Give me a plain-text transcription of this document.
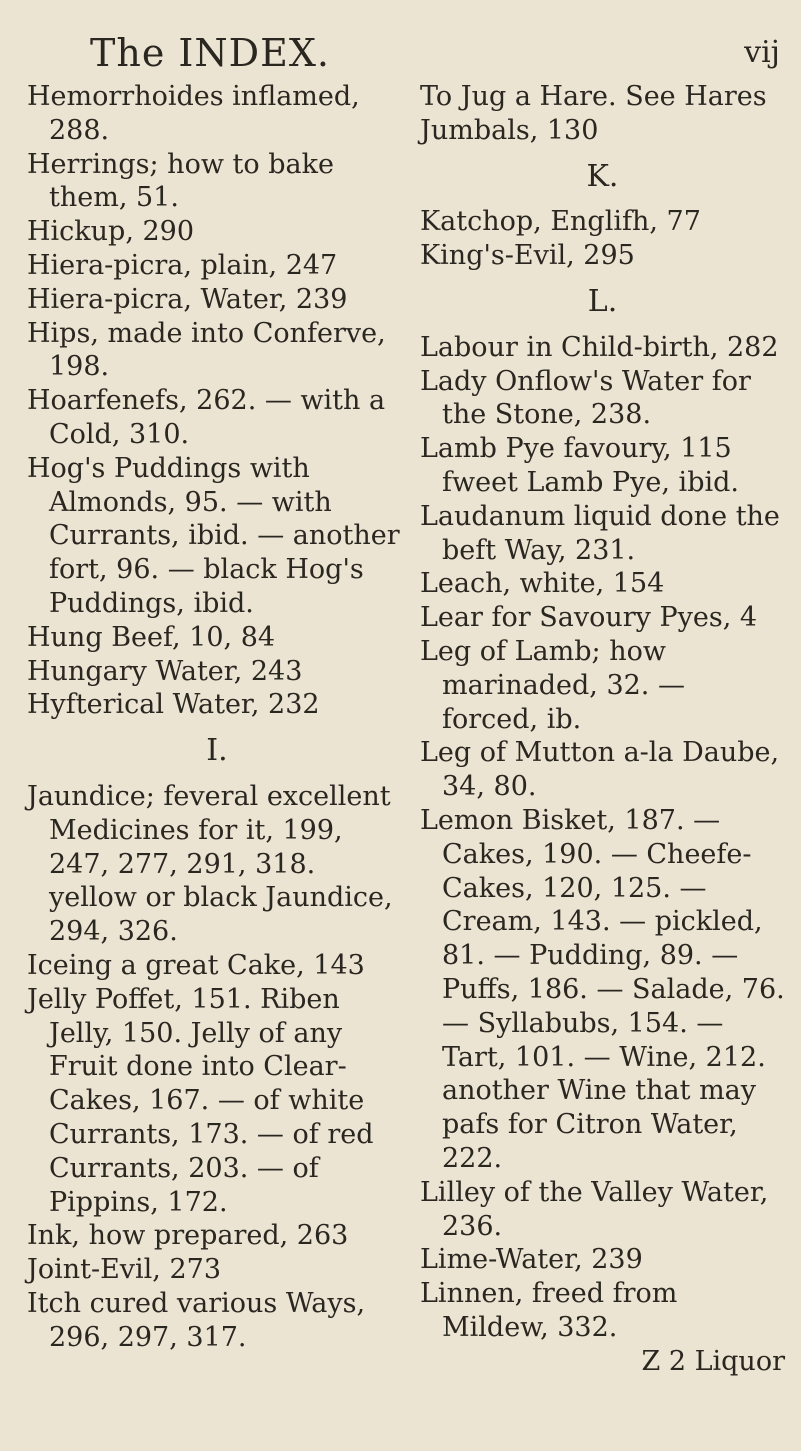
The INDEX.	vij

Hemorrhoides inflamed, 288.

Herrings; how to bake them, 51.

Hickup, 290

Hiera-picra, plain, 247

Hiera-picra, Water, 239

Hips, made into Conferve, 198.

Hoarfenefs, 262. — with a Cold, 310.

Hog's Puddings with Almonds, 95. — with Currants, ibid. — another fort, 96. — black Hog's Puddings, ibid.

Hung Beef, 10, 84

Hungary Water, 243

Hyfterical Water, 232

I.

Jaundice; feveral excellent Medicines for it, 199, 247, 277, 291, 318. yellow or black Jaundice, 294, 326.

Iceing a great Cake, 143

Jelly Poffet, 151. Riben Jelly, 150. Jelly of any Fruit done into Clear-Cakes, 167. — of white Currants, 173. — of red Currants, 203. — of Pippins, 172.

Ink, how prepared, 263

Joint-Evil, 273

Itch cured various Ways, 296, 297, 317.

To Jug a Hare. See Hares

Jumbals, 130

K.

Katchop, Englifh, 77

King's-Evil, 295

L.

Labour in Child-birth, 282

Lady Onflow's Water for the Stone, 238.

Lamb Pye favoury, 115 fweet Lamb Pye, ibid.

Laudanum liquid done the beft Way, 231.

Leach, white, 154

Lear for Savoury Pyes, 4

Leg of Lamb; how marinaded, 32. — forced, ib.

Leg of Mutton a-la Daube, 34, 80.

Lemon Bisket, 187. — Cakes, 190. — Cheefe-Cakes, 120, 125. — Cream, 143. — pickled, 81. — Pudding, 89. — Puffs, 186. — Salade, 76. — Syllabubs, 154. — Tart, 101. — Wine, 212. another Wine that may pafs for Citron Water, 222.

Lilley of the Valley Water, 236.

Lime-Water, 239

Linnen, freed from Mildew, 332.

Z 2 Liquor
